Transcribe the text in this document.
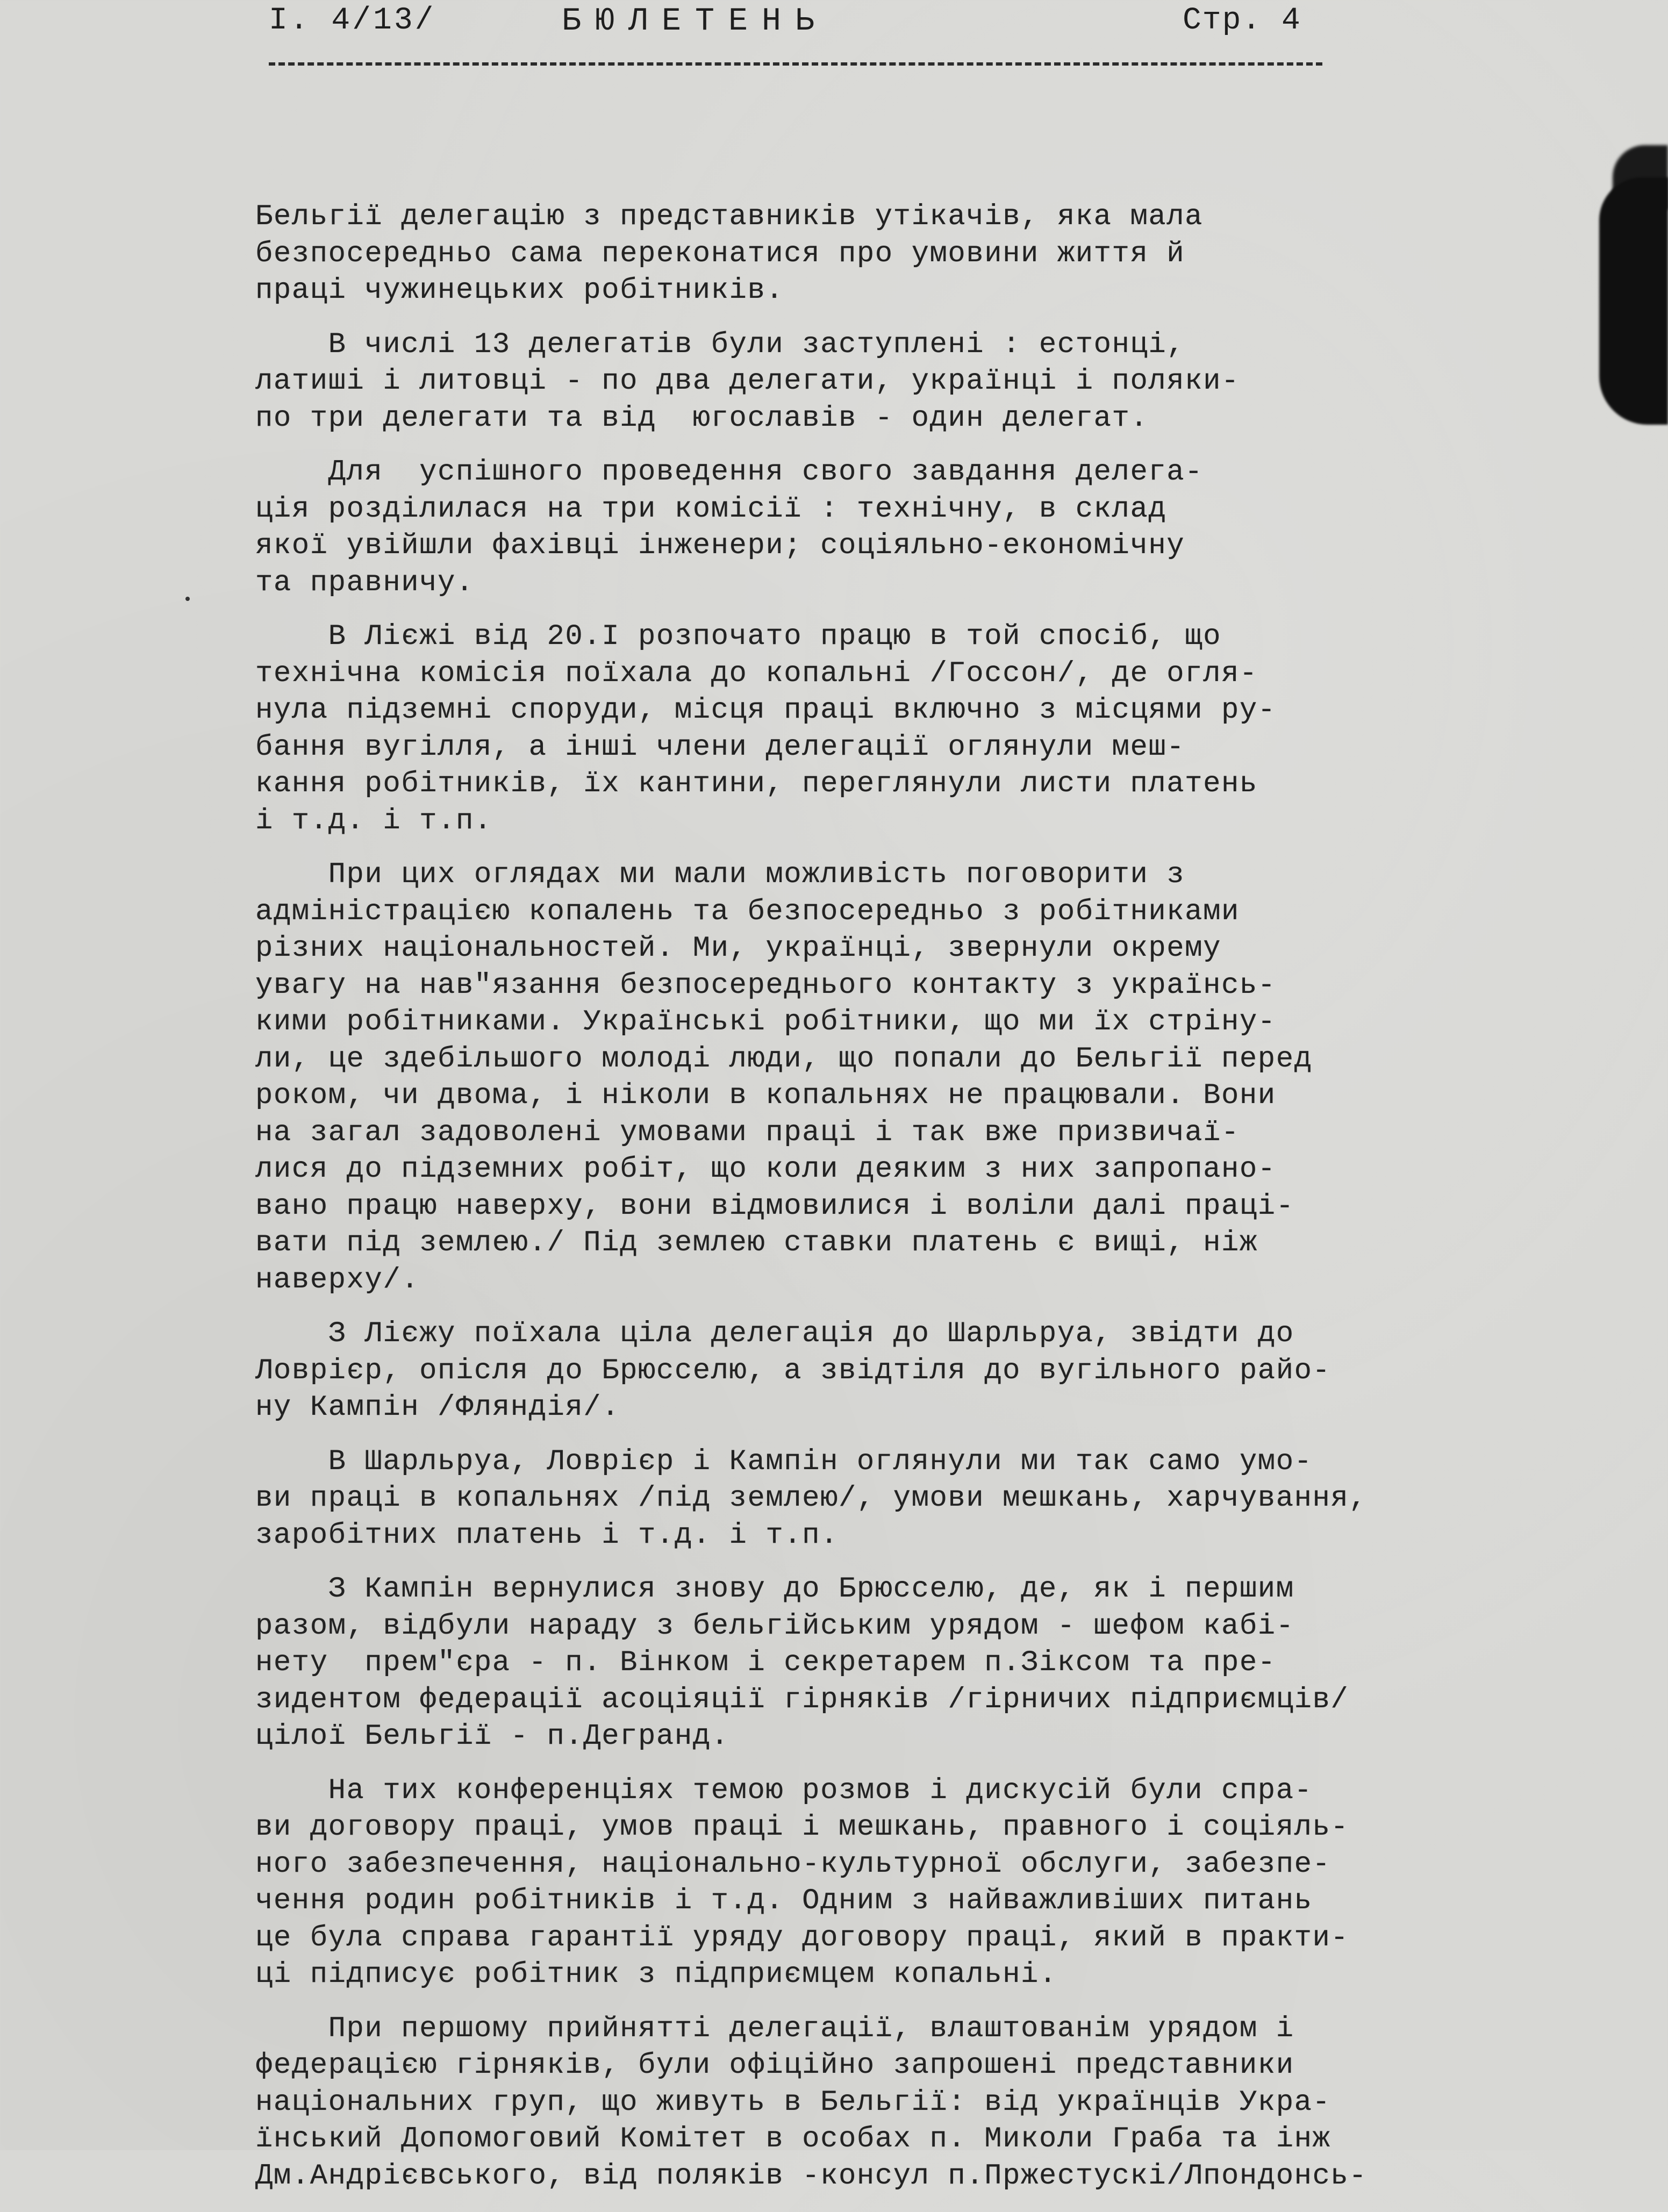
І. 4/13/	БЮЛЕТЕНЬ	Стр. 4
Бельгії делегацію з представників утікачів, яка мала
безпосередньо сама переконатися про умовини життя й
праці чужинецьких робітників.
В числі 13 делегатів були заступлені : естонці,
латиші і литовці - по два делегати, українці і поляки-
по три делегати та від  югославів - один делегат.
Для  успішного проведення свого завдання делега-
ція розділилася на три комісії : технічну, в склад
якої увійшли фахівці інженери; соціяльно-економічну
та правничу.
В Лієжі від 20.І розпочато працю в той спосіб, що
технічна комісія поїхала до копальні /Госсон/, де огля-
нула підземні споруди, місця праці включно з місцями ру-
бання вугілля, а інші члени делегації оглянули меш-
кання робітників, їх кантини, переглянули листи платень
і т.д. і т.п.
При цих оглядах ми мали можливість поговорити з
адміністрацією копалень та безпосередньо з робітниками
різних національностей. Ми, українці, звернули окрему
увагу на нав"язання безпосереднього контакту з українсь-
кими робітниками. Українські робітники, що ми їх стріну-
ли, це здебільшого молоді люди, що попали до Бельгії перед
роком, чи двома, і ніколи в копальнях не працювали. Вони
на загал задоволені умовами праці і так вже призвичаї-
лися до підземних робіт, що коли деяким з них запропано-
вано працю наверху, вони відмовилися і воліли далі праці-
вати під землею./ Під землею ставки платень є вищі, ніж
наверху/.
З Лієжу поїхала ціла делегація до Шарльруа, звідти до
Ловрієр, опісля до Брюсселю, а звідтіля до вугільного райо-
ну Кампін /Фляндія/.
В Шарльруа, Ловрієр і Кампін оглянули ми так само умо-
ви праці в копальнях /під землею/, умови мешкань, харчування,
заробітних платень і т.д. і т.п.
З Кампін вернулися знову до Брюсселю, де, як і першим
разом, відбули нараду з бельгійським урядом - шефом кабі-
нету  прем"єра - п. Вінком і секретарем п.Зіксом та пре-
зидентом федерації асоціяції гірняків /гірничих підприємців/
цілої Бельгії - п.Дегранд.
На тих конференціях темою розмов і дискусій були спра-
ви договору праці, умов праці і мешкань, правного і соціяль-
ного забезпечення, національно-культурної обслуги, забезпе-
чення родин робітників і т.д. Одним з найважливіших питань
це була справа гарантії уряду договору праці, який в практи-
ці підписує робітник з підприємцем копальні.
При першому прийнятті делегації, влаштованім урядом і
федерацією гірняків, були офіційно запрошені представники
національних груп, що живуть в Бельгії: від українців Укра-
їнський Допомоговий Комітет в особах п. Миколи Граба та інж
Дм.Андрієвського, від поляків -консул п.Пржестускі/Лпондонсь-
